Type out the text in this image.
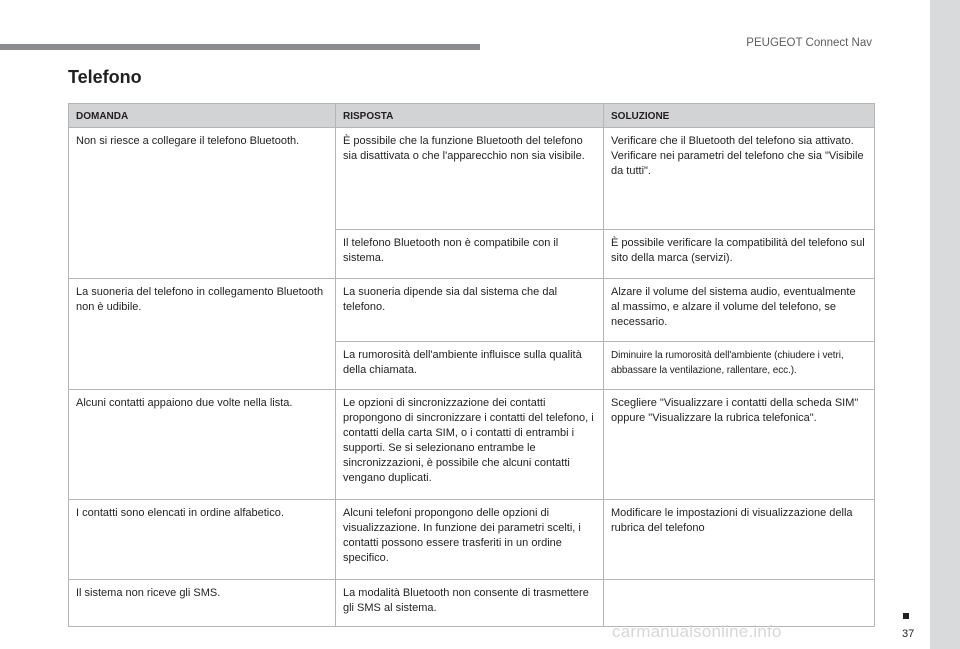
PEUGEOT Connect Nav
Telefono
DOMANDA	RISPOSTA	SOLUZIONE
Non si riesce a collegare il telefono Bluetooth.	È possibile che la funzione Bluetooth del telefono sia disattivata o che l'apparecchio non sia visibile.	Verificare che il Bluetooth del telefono sia attivato.
Verificare nei parametri del telefono che sia "Visibile da tutti".
	Il telefono Bluetooth non è compatibile con il sistema.	È possibile verificare la compatibilità del telefono sul sito della marca (servizi).
La suoneria del telefono in collegamento Bluetooth non è udibile.	La suoneria dipende sia dal sistema che dal telefono.	Alzare il volume del sistema audio, eventualmente al massimo, e alzare il volume del telefono, se necessario.
	La rumorosità dell'ambiente influisce sulla qualità della chiamata.	Diminuire la rumorosità dell'ambiente (chiudere i vetri, abbassare la ventilazione, rallentare, ecc.).
Alcuni contatti appaiono due volte nella lista.	Le opzioni di sincronizzazione dei contatti propongono di sincronizzare i contatti del telefono, i contatti della carta SIM, o i contatti di entrambi i supporti. Se si selezionano entrambe le sincronizzazioni, è possibile che alcuni contatti vengano duplicati.	Scegliere "Visualizzare i contatti della scheda SIM" oppure "Visualizzare la rubrica telefonica".
I contatti sono elencati in ordine alfabetico.	Alcuni telefoni propongono delle opzioni di visualizzazione. In funzione dei parametri scelti, i contatti possono essere trasferiti in un ordine specifico.	Modificare le impostazioni di visualizzazione della rubrica del telefono
Il sistema non riceve gli SMS.	La modalità Bluetooth non consente di trasmettere gli SMS al sistema.	
37
carmanualsonline.info
